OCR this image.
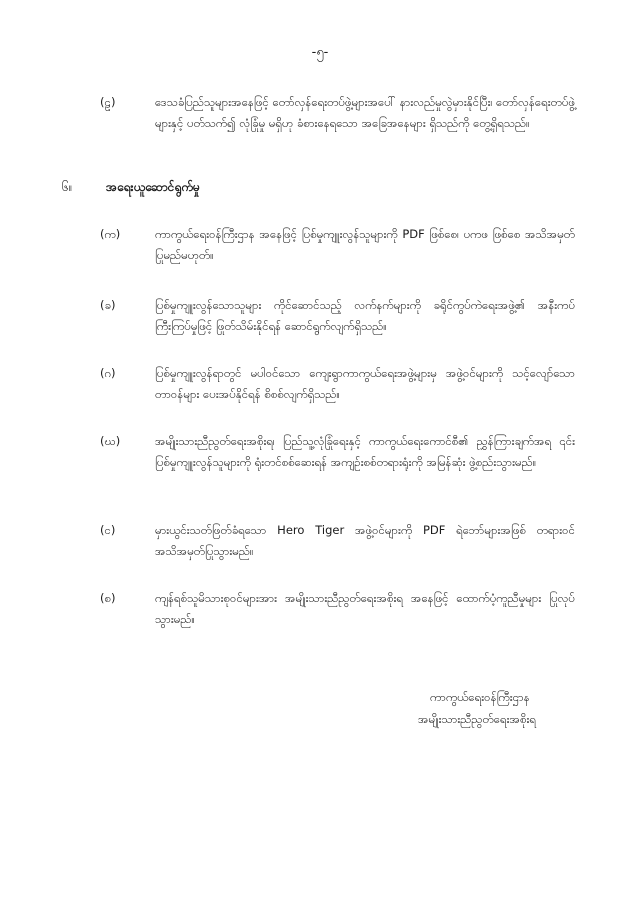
-၅-
(ဠ)	ဒေသခံပြည်သူများအနေဖြင့် တော်လှန်ရေးတပ်ဖွဲ့များအပေါ် နားလည်မှုလွဲမှားနိုင်ပြီး၊ တော်လှန်ရေးတပ်ဖွဲ့များနှင့် ပတ်သက်၍ လုံခြုံမှု မရှိဟု ခံစားနေရသော အခြေအနေများ ရှိသည်ကို တွေ့ရှိရသည်။
၆။	အရေးယူဆောင်ရွက်မှု
(က)	ကာကွယ်ရေးဝန်ကြီးဌာန အနေဖြင့် ပြစ်မှုကျူးလွန်သူများကို PDF ဖြစ်စေ၊ ပကဖ ဖြစ်စေ အသိအမှတ် ပြုမည်မဟုတ်။
(ခ)	ပြစ်မှုကျူးလွန်သောသူများ ကိုင်ဆောင်သည့် လက်နက်များကို ခရိုင်ကွပ်ကဲရေးအဖွဲ့၏ အနီးကပ်ကြီးကြပ်မှုဖြင့် ဖြုတ်သိမ်းနိုင်ရန် ဆောင်ရွက်လျက်ရှိသည်။
(ဂ)	ပြစ်မှုကျူးလွန်ရာတွင် မပါဝင်သော ကျေးရွာကာကွယ်ရေးအဖွဲ့များမှ အဖွဲ့ဝင်များကို သင့်လျော်သော တာဝန်များ ပေးအပ်နိုင်ရန် စိစစ်လျက်ရှိသည်။
(ဃ)	အမျိုးသားညီညွတ်ရေးအစိုးရ၊ ပြည်သူ့လုံခြုံရေးနှင့် ကာကွယ်ရေးကောင်စီ၏ ညွှန်ကြားချက်အရ ၎င်းပြစ်မှုကျူးလွန်သူများကို ရုံးတင်စစ်ဆေးရန် အကျဉ်းစစ်တရားရုံးကို အမြန်ဆုံး ဖွဲ့စည်းသွားမည်။
(င)	မှားယွင်းသတ်ဖြတ်ခံရသော Hero Tiger အဖွဲ့ဝင်များကို PDF ရဲဘော်များအဖြစ် တရားဝင် အသိအမှတ်ပြုသွားမည်။
(စ)	ကျန်ရစ်သူမိသားစုဝင်များအား အမျိုးသားညီညွတ်ရေးအစိုးရ အနေဖြင့် ထောက်ပံ့ကူညီမှုများ ပြုလုပ်သွားမည်။
ကာကွယ်ရေးဝန်ကြီးဌာန
အမျိုးသားညီညွတ်ရေးအစိုးရ
